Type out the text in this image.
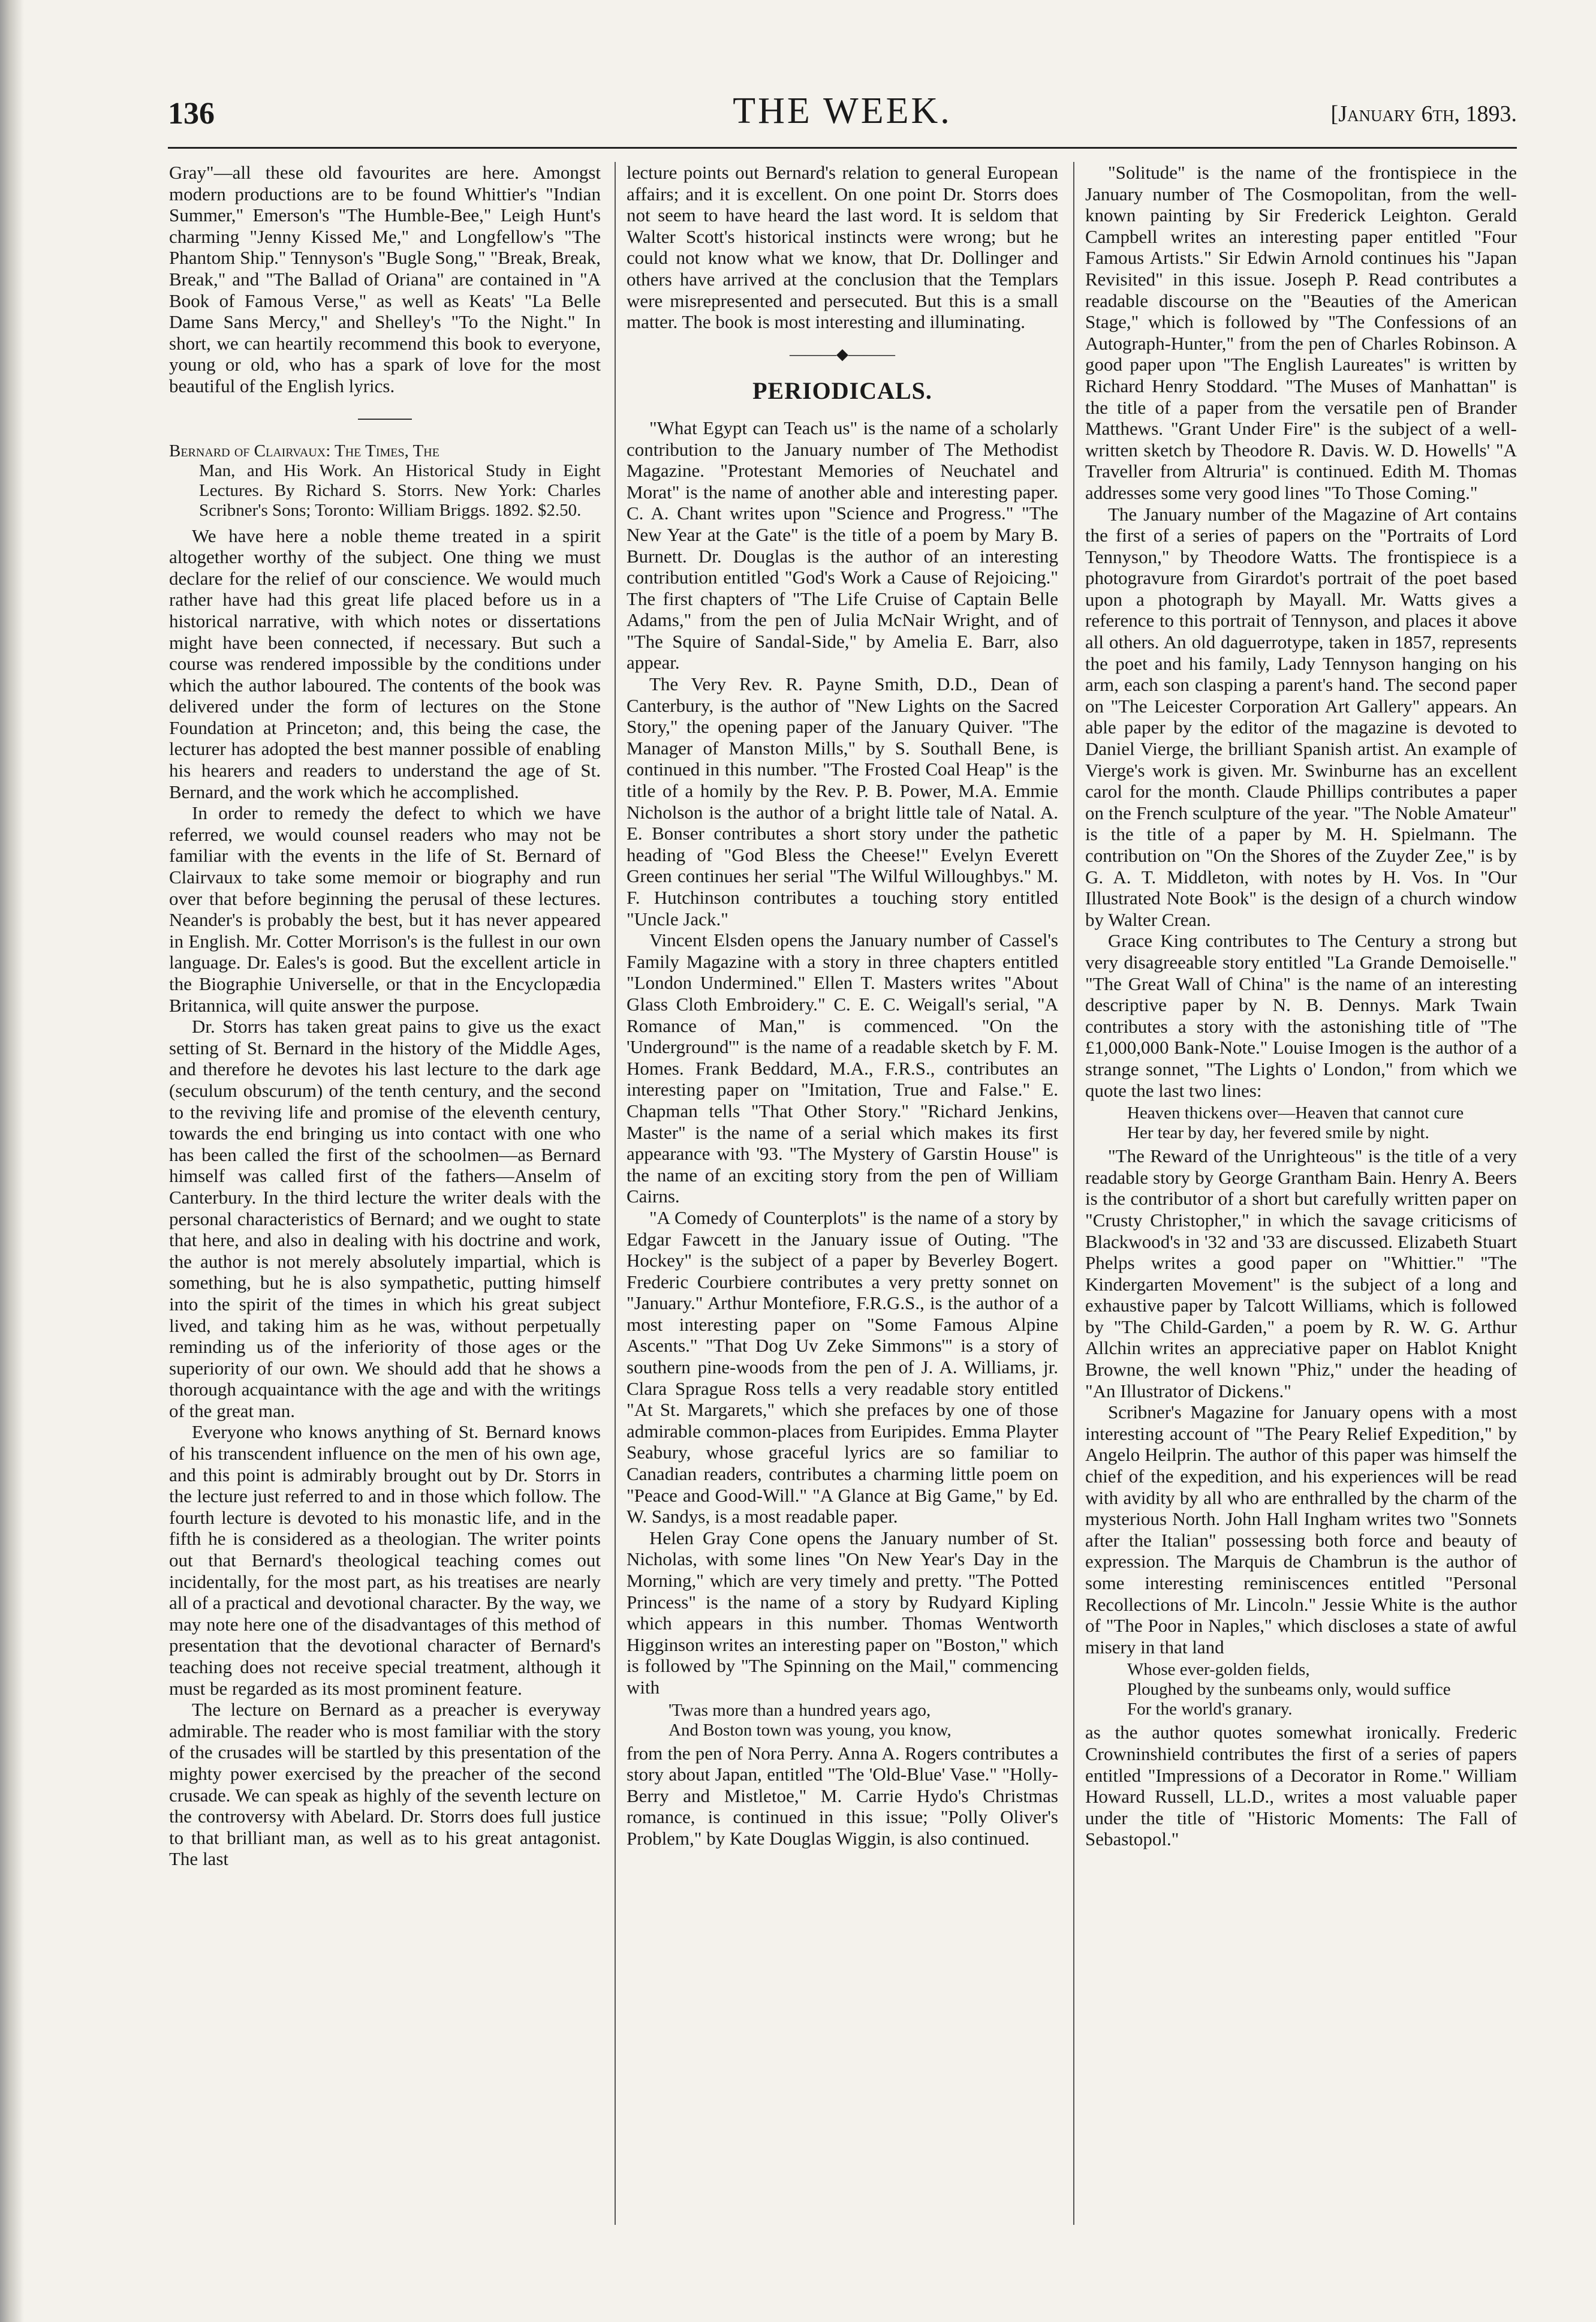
136	THE WEEK.	[January 6th, 1893.

Gray"—all these old favourites are here. Amongst modern productions are to be found Whittier's "Indian Summer," Emerson's "The Humble-Bee," Leigh Hunt's charming "Jenny Kissed Me," and Longfellow's "The Phantom Ship." Tennyson's "Bugle Song," "Break, Break, Break," and "The Ballad of Oriana" are contained in "A Book of Famous Verse," as well as Keats' "La Belle Dame Sans Mercy," and Shelley's "To the Night." In short, we can heartily recommend this book to everyone, young or old, who has a spark of love for the most beautiful of the English lyrics.

Bernard of Clairvaux: The Times, The
Man, and His Work. An Historical Study in Eight Lectures. By Richard S. Storrs. New York: Charles Scribner's Sons; Toronto: William Briggs. 1892. $2.50.

We have here a noble theme treated in a spirit altogether worthy of the subject. One thing we must declare for the relief of our conscience. We would much rather have had this great life placed before us in a historical narrative, with which notes or dissertations might have been connected, if necessary. But such a course was rendered impossible by the conditions under which the author laboured. The contents of the book was delivered under the form of lectures on the Stone Foundation at Princeton; and, this being the case, the lecturer has adopted the best manner possible of enabling his hearers and readers to understand the age of St. Bernard, and the work which he accomplished.

In order to remedy the defect to which we have referred, we would counsel readers who may not be familiar with the events in the life of St. Bernard of Clairvaux to take some memoir or biography and run over that before beginning the perusal of these lectures. Neander's is probably the best, but it has never appeared in English. Mr. Cotter Morrison's is the fullest in our own language. Dr. Eales's is good. But the excellent article in the Biographie Universelle, or that in the Encyclopædia Britannica, will quite answer the purpose.

Dr. Storrs has taken great pains to give us the exact setting of St. Bernard in the history of the Middle Ages, and therefore he devotes his last lecture to the dark age (seculum obscurum) of the tenth century, and the second to the reviving life and promise of the eleventh century, towards the end bringing us into contact with one who has been called the first of the schoolmen—as Bernard himself was called first of the fathers—Anselm of Canterbury. In the third lecture the writer deals with the personal characteristics of Bernard; and we ought to state that here, and also in dealing with his doctrine and work, the author is not merely absolutely impartial, which is something, but he is also sympathetic, putting himself into the spirit of the times in which his great subject lived, and taking him as he was, without perpetually reminding us of the inferiority of those ages or the superiority of our own. We should add that he shows a thorough acquaintance with the age and with the writings of the great man.

Everyone who knows anything of St. Bernard knows of his transcendent influence on the men of his own age, and this point is admirably brought out by Dr. Storrs in the lecture just referred to and in those which follow. The fourth lecture is devoted to his monastic life, and in the fifth he is considered as a theologian. The writer points out that Bernard's theological teaching comes out incidentally, for the most part, as his treatises are nearly all of a practical and devotional character. By the way, we may note here one of the disadvantages of this method of presentation that the devotional character of Bernard's teaching does not receive special treatment, although it must be regarded as its most prominent feature.

The lecture on Bernard as a preacher is everyway admirable. The reader who is most familiar with the story of the crusades will be startled by this presentation of the mighty power exercised by the preacher of the second crusade. We can speak as highly of the seventh lecture on the controversy with Abelard. Dr. Storrs does full justice to that brilliant man, as well as to his great antagonist. The last

lecture points out Bernard's relation to general European affairs; and it is excellent. On one point Dr. Storrs does not seem to have heard the last word. It is seldom that Walter Scott's historical instincts were wrong; but he could not know what we know, that Dr. Dollinger and others have arrived at the conclusion that the Templars were misrepresented and persecuted. But this is a small matter. The book is most interesting and illuminating.

———◆———
PERIODICALS.

"What Egypt can Teach us" is the name of a scholarly contribution to the January number of The Methodist Magazine. "Protestant Memories of Neuchatel and Morat" is the name of another able and interesting paper. C. A. Chant writes upon "Science and Progress." "The New Year at the Gate" is the title of a poem by Mary B. Burnett. Dr. Douglas is the author of an interesting contribution entitled "God's Work a Cause of Rejoicing." The first chapters of "The Life Cruise of Captain Belle Adams," from the pen of Julia McNair Wright, and of "The Squire of Sandal-Side," by Amelia E. Barr, also appear.

The Very Rev. R. Payne Smith, D.D., Dean of Canterbury, is the author of "New Lights on the Sacred Story," the opening paper of the January Quiver. "The Manager of Manston Mills," by S. Southall Bene, is continued in this number. "The Frosted Coal Heap" is the title of a homily by the Rev. P. B. Power, M.A. Emmie Nicholson is the author of a bright little tale of Natal. A. E. Bonser contributes a short story under the pathetic heading of "God Bless the Cheese!" Evelyn Everett Green continues her serial "The Wilful Willoughbys." M. F. Hutchinson contributes a touching story entitled "Uncle Jack."

Vincent Elsden opens the January number of Cassel's Family Magazine with a story in three chapters entitled "London Undermined." Ellen T. Masters writes "About Glass Cloth Embroidery." C. E. C. Weigall's serial, "A Romance of Man," is commenced. "On the 'Underground'" is the name of a readable sketch by F. M. Homes. Frank Beddard, M.A., F.R.S., contributes an interesting paper on "Imitation, True and False." E. Chapman tells "That Other Story." "Richard Jenkins, Master" is the name of a serial which makes its first appearance with '93. "The Mystery of Garstin House" is the name of an exciting story from the pen of William Cairns.

"A Comedy of Counterplots" is the name of a story by Edgar Fawcett in the January issue of Outing. "The Hockey" is the subject of a paper by Beverley Bogert. Frederic Courbiere contributes a very pretty sonnet on "January." Arthur Montefiore, F.R.G.S., is the author of a most interesting paper on "Some Famous Alpine Ascents." "That Dog Uv Zeke Simmons'" is a story of southern pine-woods from the pen of J. A. Williams, jr. Clara Sprague Ross tells a very readable story entitled "At St. Margarets," which she prefaces by one of those admirable common-places from Euripides. Emma Playter Seabury, whose graceful lyrics are so familiar to Canadian readers, contributes a charming little poem on "Peace and Good-Will." "A Glance at Big Game," by Ed. W. Sandys, is a most readable paper.

Helen Gray Cone opens the January number of St. Nicholas, with some lines "On New Year's Day in the Morning," which are very timely and pretty. "The Potted Princess" is the name of a story by Rudyard Kipling which appears in this number. Thomas Wentworth Higginson writes an interesting paper on "Boston," which is followed by "The Spinning on the Mail," commencing with

'Twas more than a hundred years ago,
And Boston town was young, you know,

from the pen of Nora Perry. Anna A. Rogers contributes a story about Japan, entitled "The 'Old-Blue' Vase." "Holly-Berry and Mistletoe," M. Carrie Hydo's Christmas romance, is continued in this issue; "Polly Oliver's Problem," by Kate Douglas Wiggin, is also continued.

"Solitude" is the name of the frontispiece in the January number of The Cosmopolitan, from the well-known painting by Sir Frederick Leighton. Gerald Campbell writes an interesting paper entitled "Four Famous Artists." Sir Edwin Arnold continues his "Japan Revisited" in this issue. Joseph P. Read contributes a readable discourse on the "Beauties of the American Stage," which is followed by "The Confessions of an Autograph-Hunter," from the pen of Charles Robinson. A good paper upon "The English Laureates" is written by Richard Henry Stoddard. "The Muses of Manhattan" is the title of a paper from the versatile pen of Brander Matthews. "Grant Under Fire" is the subject of a well-written sketch by Theodore R. Davis. W. D. Howells' "A Traveller from Altruria" is continued. Edith M. Thomas addresses some very good lines "To Those Coming."

The January number of the Magazine of Art contains the first of a series of papers on the "Portraits of Lord Tennyson," by Theodore Watts. The frontispiece is a photogravure from Girardot's portrait of the poet based upon a photograph by Mayall. Mr. Watts gives a reference to this portrait of Tennyson, and places it above all others. An old daguerrotype, taken in 1857, represents the poet and his family, Lady Tennyson hanging on his arm, each son clasping a parent's hand. The second paper on "The Leicester Corporation Art Gallery" appears. An able paper by the editor of the magazine is devoted to Daniel Vierge, the brilliant Spanish artist. An example of Vierge's work is given. Mr. Swinburne has an excellent carol for the month. Claude Phillips contributes a paper on the French sculpture of the year. "The Noble Amateur" is the title of a paper by M. H. Spielmann. The contribution on "On the Shores of the Zuyder Zee," is by G. A. T. Middleton, with notes by H. Vos. In "Our Illustrated Note Book" is the design of a church window by Walter Crean.

Grace King contributes to The Century a strong but very disagreeable story entitled "La Grande Demoiselle." "The Great Wall of China" is the name of an interesting descriptive paper by N. B. Dennys. Mark Twain contributes a story with the astonishing title of "The £1,000,000 Bank-Note." Louise Imogen is the author of a strange sonnet, "The Lights o' London," from which we quote the last two lines:

Heaven thickens over—Heaven that cannot cure
Her tear by day, her fevered smile by night.

"The Reward of the Unrighteous" is the title of a very readable story by George Grantham Bain. Henry A. Beers is the contributor of a short but carefully written paper on "Crusty Christopher," in which the savage criticisms of Blackwood's in '32 and '33 are discussed. Elizabeth Stuart Phelps writes a good paper on "Whittier." "The Kindergarten Movement" is the subject of a long and exhaustive paper by Talcott Williams, which is followed by "The Child-Garden," a poem by R. W. G. Arthur Allchin writes an appreciative paper on Hablot Knight Browne, the well known "Phiz," under the heading of "An Illustrator of Dickens."

Scribner's Magazine for January opens with a most interesting account of "The Peary Relief Expedition," by Angelo Heilprin. The author of this paper was himself the chief of the expedition, and his experiences will be read with avidity by all who are enthralled by the charm of the mysterious North. John Hall Ingham writes two "Sonnets after the Italian" possessing both force and beauty of expression. The Marquis de Chambrun is the author of some interesting reminiscences entitled "Personal Recollections of Mr. Lincoln." Jessie White is the author of "The Poor in Naples," which discloses a state of awful misery in that land

Whose ever-golden fields,
Ploughed by the sunbeams only, would suffice
For the world's granary.

as the author quotes somewhat ironically. Frederic Crowninshield contributes the first of a series of papers entitled "Impressions of a Decorator in Rome." William Howard Russell, LL.D., writes a most valuable paper under the title of "Historic Moments: The Fall of Sebastopol."
